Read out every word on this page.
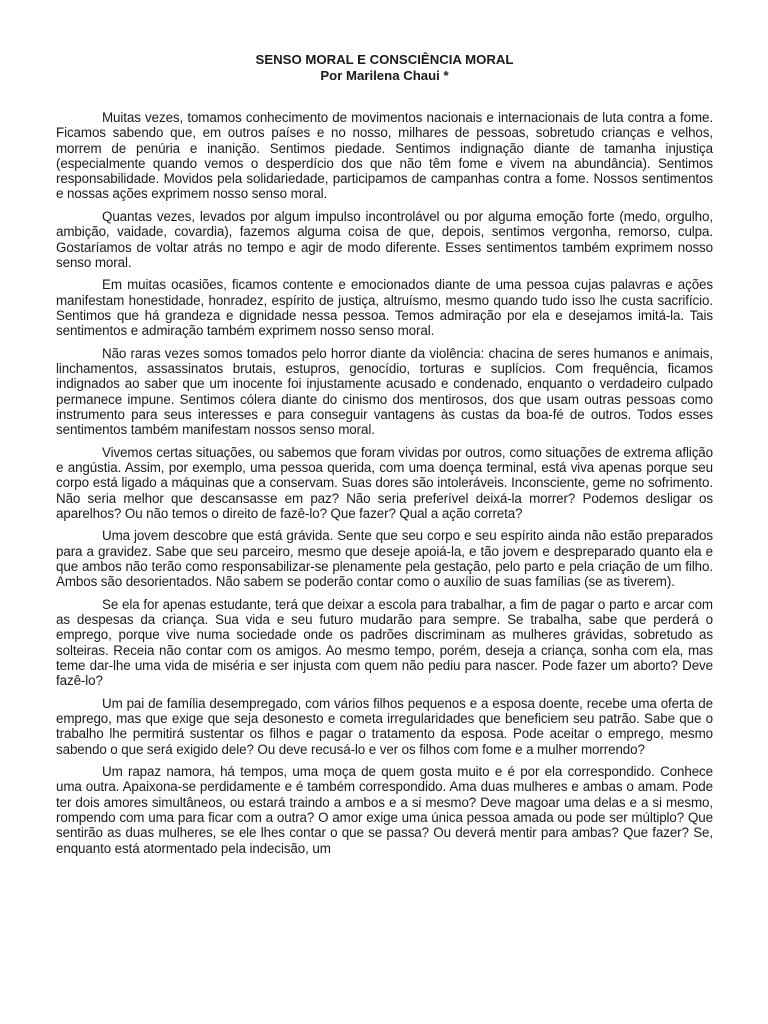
SENSO MORAL E CONSCIÊNCIA MORAL
Por Marilena Chaui *

Muitas vezes, tomamos conhecimento de movimentos nacionais e internacionais de luta contra a fome. Ficamos sabendo que, em outros países e no nosso, milhares de pessoas, sobretudo crianças e velhos, morrem de penúria e inanição. Sentimos piedade. Sentimos indignação diante de tamanha injustiça (especialmente quando vemos o desperdício dos que não têm fome e vivem na abundância). Sentimos responsabilidade. Movidos pela solidariedade, participamos de campanhas contra a fome. Nossos sentimentos e nossas ações exprimem nosso senso moral.

Quantas vezes, levados por algum impulso incontrolável ou por alguma emoção forte (medo, orgulho, ambição, vaidade, covardia), fazemos alguma coisa de que, depois, sentimos vergonha, remorso, culpa. Gostaríamos de voltar atrás no tempo e agir de modo diferente. Esses sentimentos também exprimem nosso senso moral.

Em muitas ocasiões, ficamos contente e emocionados diante de uma pessoa cujas palavras e ações manifestam honestidade, honradez, espírito de justiça, altruísmo, mesmo quando tudo isso lhe custa sacrifício. Sentimos que há grandeza e dignidade nessa pessoa. Temos admiração por ela e desejamos imitá-la. Tais sentimentos e admiração também exprimem nosso senso moral.

Não raras vezes somos tomados pelo horror diante da violência: chacina de seres humanos e animais, linchamentos, assassinatos brutais, estupros, genocídio, torturas e suplícios. Com frequência, ficamos indignados ao saber que um inocente foi injustamente acusado e condenado, enquanto o verdadeiro culpado permanece impune. Sentimos cólera diante do cinismo dos mentirosos, dos que usam outras pessoas como instrumento para seus interesses e para conseguir vantagens às custas da boa-fé de outros. Todos esses sentimentos também manifestam nossos senso moral.

Vivemos certas situações, ou sabemos que foram vividas por outros, como situações de extrema aflição e angústia. Assim, por exemplo, uma pessoa querida, com uma doença terminal, está viva apenas porque seu corpo está ligado a máquinas que a conservam. Suas dores são intoleráveis. Inconsciente, geme no sofrimento. Não seria melhor que descansasse em paz? Não seria preferível deixá-la morrer? Podemos desligar os aparelhos? Ou não temos o direito de fazê-lo? Que fazer? Qual a ação correta?

Uma jovem descobre que está grávida. Sente que seu corpo e seu espírito ainda não estão preparados para a gravidez. Sabe que seu parceiro, mesmo que deseje apoiá-la, e tão jovem e despreparado quanto ela e que ambos não terão como responsabilizar-se plenamente pela gestação, pelo parto e pela criação de um filho. Ambos são desorientados. Não sabem se poderão contar como o auxílio de suas famílias (se as tiverem).

Se ela for apenas estudante, terá que deixar a escola para trabalhar, a fim de pagar o parto e arcar com as despesas da criança. Sua vida e seu futuro mudarão para sempre. Se trabalha, sabe que perderá o emprego, porque vive numa sociedade onde os padrões discriminam as mulheres grávidas, sobretudo as solteiras. Receia não contar com os amigos. Ao mesmo tempo, porém, deseja a criança, sonha com ela, mas teme dar-lhe uma vida de miséria e ser injusta com quem não pediu para nascer. Pode fazer um aborto? Deve fazê-lo?

Um pai de família desempregado, com vários filhos pequenos e a esposa doente, recebe uma oferta de emprego, mas que exige que seja desonesto e cometa irregularidades que beneficiem seu patrão. Sabe que o trabalho lhe permitirá sustentar os filhos e pagar o tratamento da esposa. Pode aceitar o emprego, mesmo sabendo o que será exigido dele? Ou deve recusá-lo e ver os filhos com fome e a mulher morrendo?

Um rapaz namora, há tempos, uma moça de quem gosta muito e é por ela correspondido. Conhece uma outra. Apaixona-se perdidamente e é também correspondido. Ama duas mulheres e ambas o amam. Pode ter dois amores simultâneos, ou estará traindo a ambos e a si mesmo? Deve magoar uma delas e a si mesmo, rompendo com uma para ficar com a outra? O amor exige uma única pessoa amada ou pode ser múltiplo? Que sentirão as duas mulheres, se ele lhes contar o que se passa? Ou deverá mentir para ambas? Que fazer? Se, enquanto está atormentado pela indecisão, um
